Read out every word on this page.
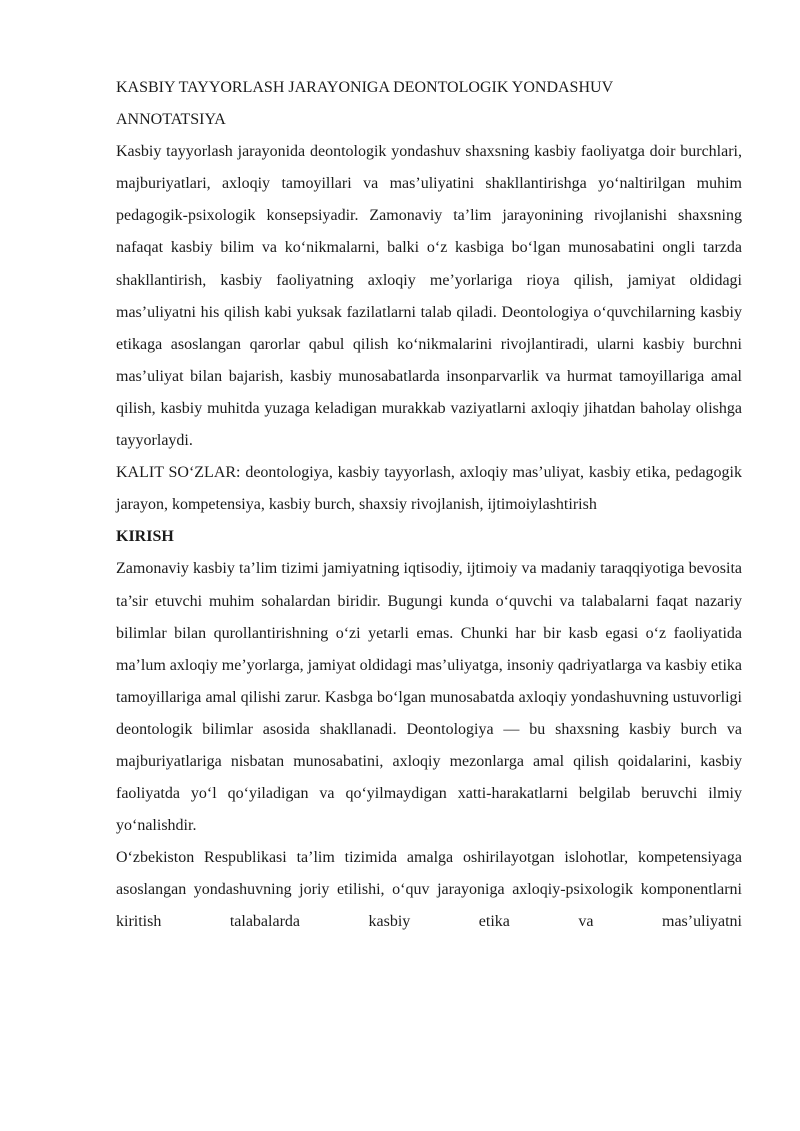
KASBIY TAYYORLASH JARAYONIGA DEONTOLOGIK YONDASHUV

ANNOTATSIYA

Kasbiy tayyorlash jarayonida deontologik yondashuv shaxsning kasbiy faoliyatga doir burchlari, majburiyatlari, axloqiy tamoyillari va mas’uliyatini shakllantirishga yo‘naltirilgan muhim pedagogik-psixologik konsepsiyadir. Zamonaviy ta’lim jarayonining rivojlanishi shaxsning nafaqat kasbiy bilim va ko‘nikmalarni, balki o‘z kasbiga bo‘lgan munosabatini ongli tarzda shakllantirish, kasbiy faoliyatning axloqiy me’yorlariga rioya qilish, jamiyat oldidagi mas’uliyatni his qilish kabi yuksak fazilatlarni talab qiladi. Deontologiya o‘quvchilarning kasbiy etikaga asoslangan qarorlar qabul qilish ko‘nikmalarini rivojlantiradi, ularni kasbiy burchni mas’uliyat bilan bajarish, kasbiy munosabatlarda insonparvarlik va hurmat tamoyillariga amal qilish, kasbiy muhitda yuzaga keladigan murakkab vaziyatlarni axloqiy jihatdan baholay olishga tayyorlaydi.

KALIT SO‘ZLAR: deontologiya, kasbiy tayyorlash, axloqiy mas’uliyat, kasbiy etika, pedagogik jarayon, kompetensiya, kasbiy burch, shaxsiy rivojlanish, ijtimoiylashtirish

KIRISH

Zamonaviy kasbiy ta’lim tizimi jamiyatning iqtisodiy, ijtimoiy va madaniy taraqqiyotiga bevosita ta’sir etuvchi muhim sohalardan biridir. Bugungi kunda o‘quvchi va talabalarni faqat nazariy bilimlar bilan qurollantirishning o‘zi yetarli emas. Chunki har bir kasb egasi o‘z faoliyatida ma’lum axloqiy me’yorlarga, jamiyat oldidagi mas’uliyatga, insoniy qadriyatlarga va kasbiy etika tamoyillariga amal qilishi zarur. Kasbga bo‘lgan munosabatda axloqiy yondashuvning ustuvorligi deontologik bilimlar asosida shakllanadi. Deontologiya — bu shaxsning kasbiy burch va majburiyatlariga nisbatan munosabatini, axloqiy mezonlarga amal qilish qoidalarini, kasbiy faoliyatda yo‘l qo‘yiladigan va qo‘yilmaydigan xatti-harakatlarni belgilab beruvchi ilmiy yo‘nalishdir.

O‘zbekiston Respublikasi ta’lim tizimida amalga oshirilayotgan islohotlar, kompetensiyaga asoslangan yondashuvning joriy etilishi, o‘quv jarayoniga axloqiy-psixologik komponentlarni kiritish talabalarda kasbiy etika va mas’uliyatni
